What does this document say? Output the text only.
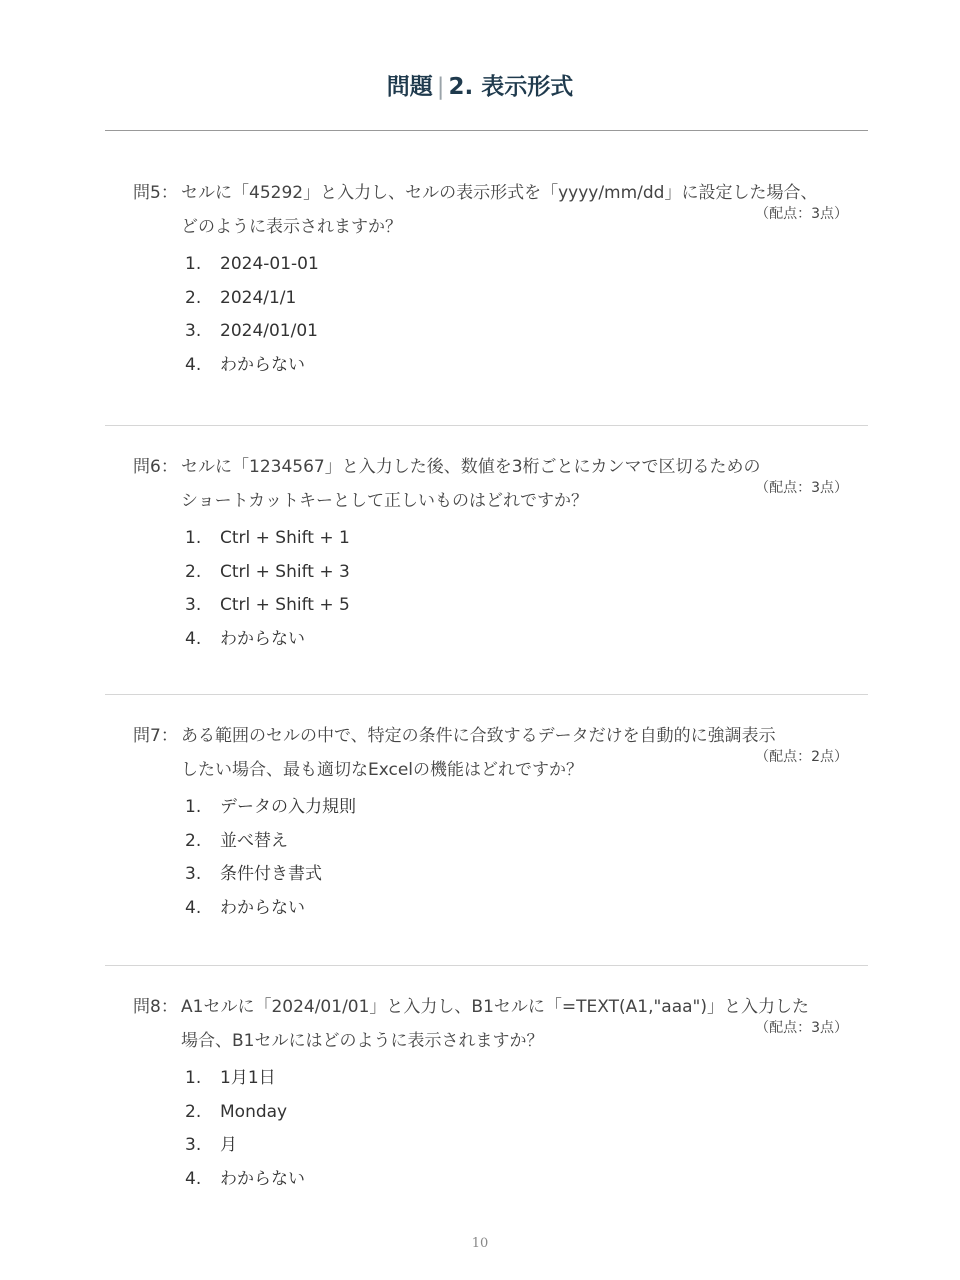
問題 | 2. 表示形式
問5： セルに「45292」と入力し、セルの表示形式を「yyyy/mm/dd」に設定した場合、
どのように表示されますか？
（配点：3点）
1.	2024-01-01
2.	2024/1/1
3.	2024/01/01
4.	わからない
問6： セルに「1234567」と入力した後、数値を3桁ごとにカンマで区切るための
ショートカットキーとして正しいものはどれですか？
（配点：3点）
1.	Ctrl + Shift + 1
2.	Ctrl + Shift + 3
3.	Ctrl + Shift + 5
4.	わからない
問7： ある範囲のセルの中で、特定の条件に合致するデータだけを自動的に強調表示
したい場合、最も適切なExcelの機能はどれですか？
（配点：2点）
1.	データの入力規則
2.	並べ替え
3.	条件付き書式
4.	わからない
問8： A1セルに「2024/01/01」と入力し、B1セルに「=TEXT(A1,"aaa")」と入力した
場合、B1セルにはどのように表示されますか？
（配点：3点）
1.	1月1日
2.	Monday
3.	月
4.	わからない
10
